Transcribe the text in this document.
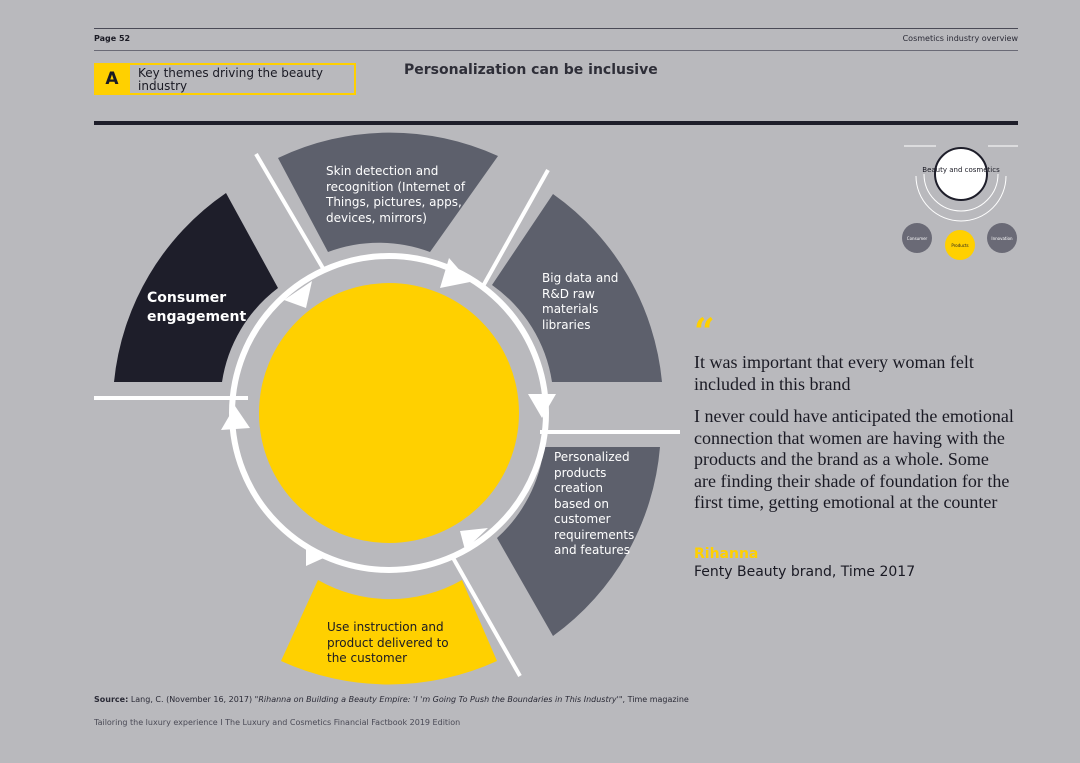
Page 52	Cosmetics industry overview
A	Key themes driving the beauty industry
Personalization can be inclusive
Skin detection and recognition (Internet of Things, pictures, apps, devices, mirrors)
Big data and R&D raw materials libraries
Personalized products creation based on customer requirements and features
Use instruction and product delivered to the customer
Consumer engagement
Beauty and cosmetics
Consumer
Products
Innovation
“
It was important that every woman felt included in this brand
I never could have anticipated the emotional connection that women are having with the products and the brand as a whole. Some are finding their shade of foundation for the first time, getting emotional at the counter
Rihanna
Fenty Beauty brand, Time 2017
Source: Lang, C. (November 16, 2017) "Rihanna on Building a Beauty Empire: 'I 'm Going To Push the Boundaries in This Industry'", Time magazine
Tailoring the luxury experience I The Luxury and Cosmetics Financial Factbook 2019 Edition
